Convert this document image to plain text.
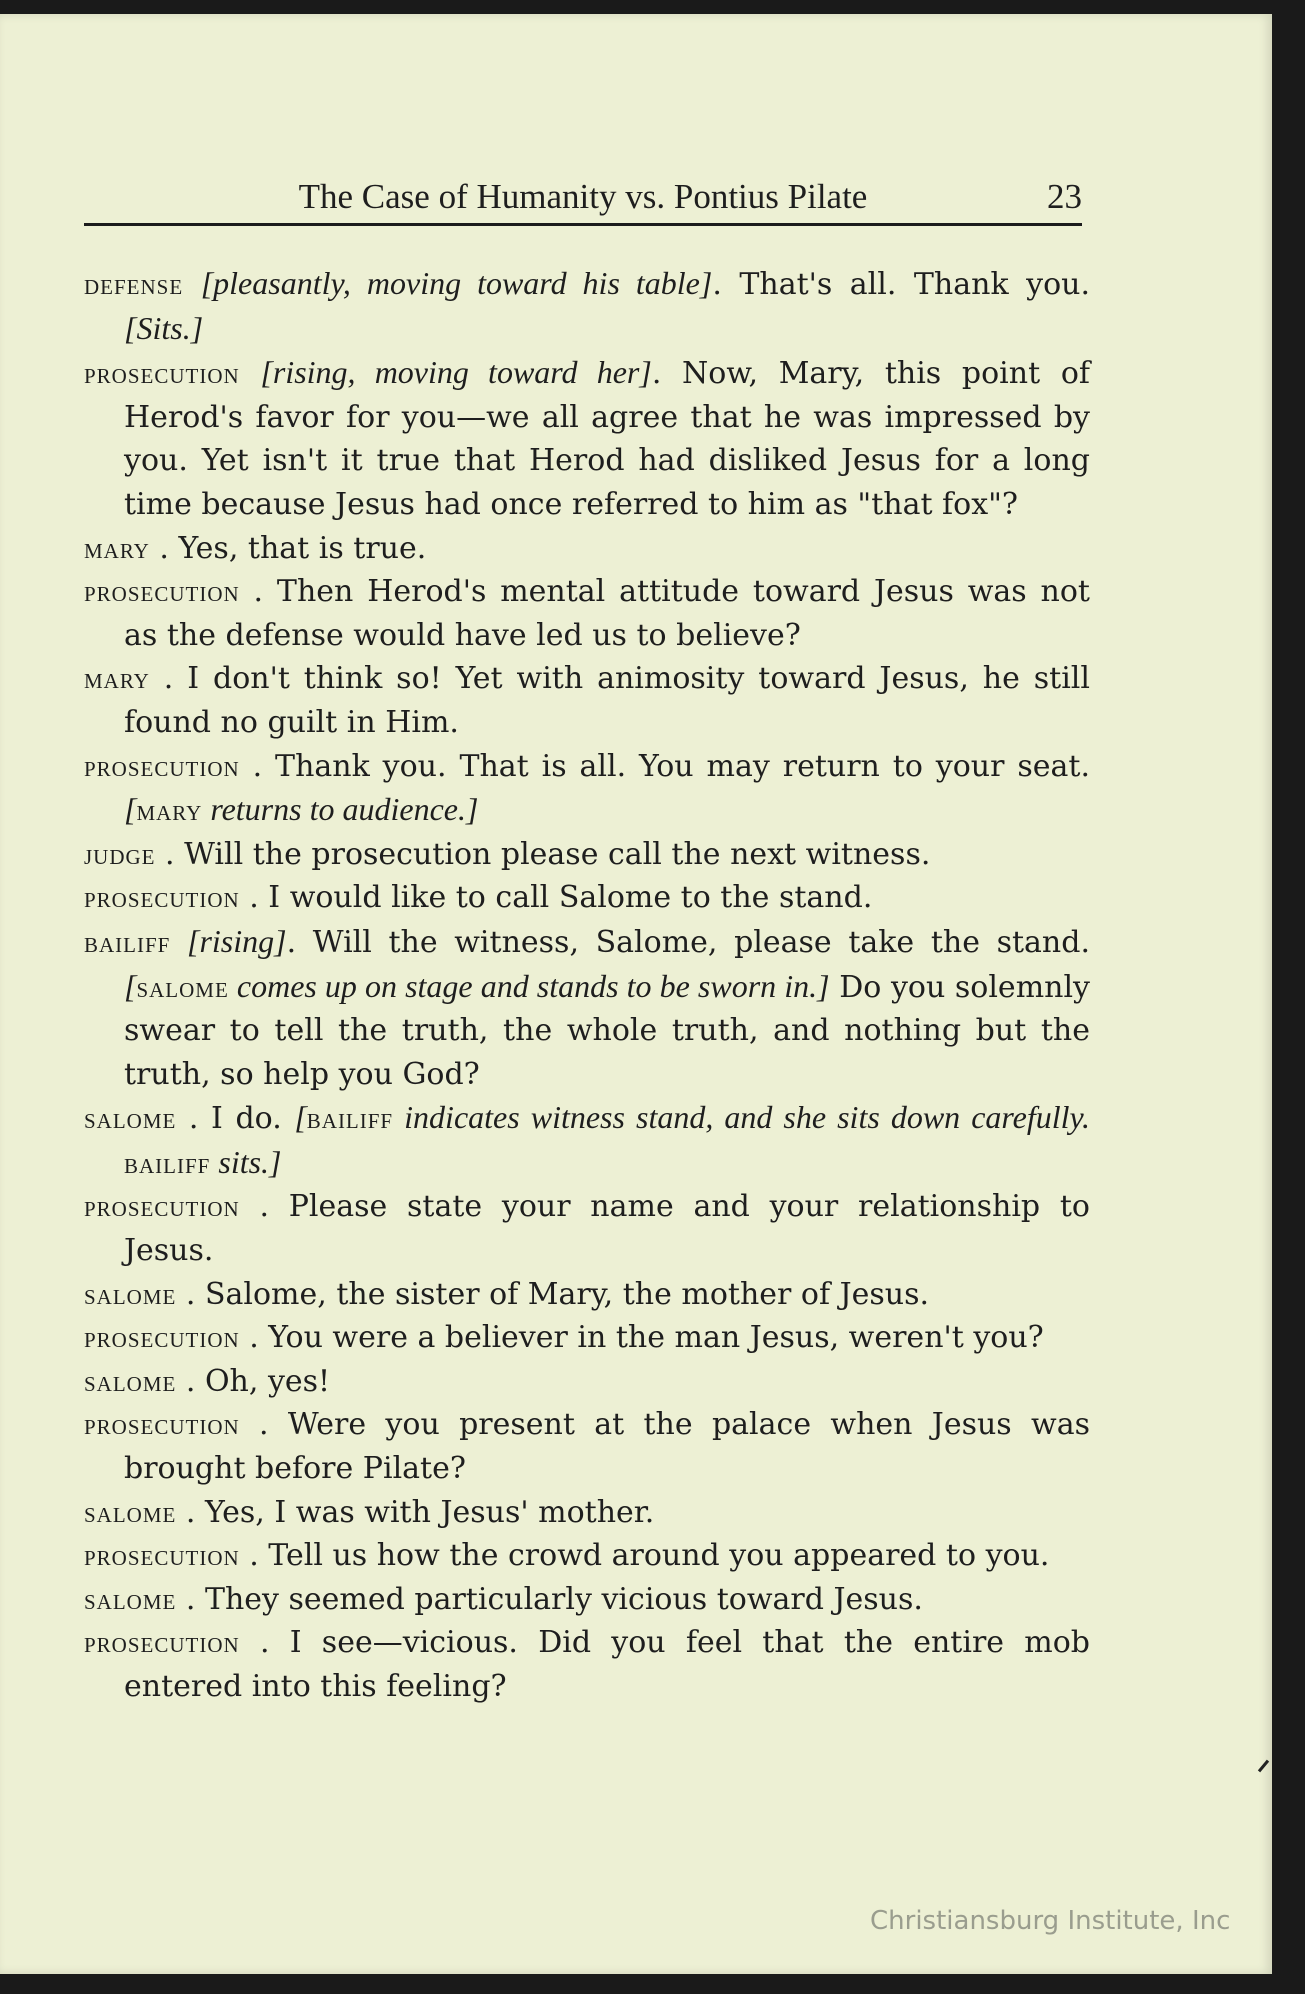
The Case of Humanity vs. Pontius Pilate	23

defense [pleasantly, moving toward his table]. That's all. Thank you. [Sits.]

prosecution [rising, moving toward her]. Now, Mary, this point of Herod's favor for you—we all agree that he was impressed by you. Yet isn't it true that Herod had disliked Jesus for a long time because Jesus had once referred to him as "that fox"?

mary . Yes, that is true.

prosecution . Then Herod's mental attitude toward Jesus was not as the defense would have led us to believe?

mary . I don't think so! Yet with animosity toward Jesus, he still found no guilt in Him.

prosecution . Thank you. That is all. You may return to your seat. [mary returns to audience.]

judge . Will the prosecution please call the next witness.

prosecution . I would like to call Salome to the stand.

bailiff [rising]. Will the witness, Salome, please take the stand. [salome comes up on stage and stands to be sworn in.] Do you solemnly swear to tell the truth, the whole truth, and nothing but the truth, so help you God?

salome . I do. [bailiff indicates witness stand, and she sits down carefully. bailiff sits.]

prosecution . Please state your name and your relationship to Jesus.

salome . Salome, the sister of Mary, the mother of Jesus.

prosecution . You were a believer in the man Jesus, weren't you?

salome . Oh, yes!

prosecution . Were you present at the palace when Jesus was brought before Pilate?

salome . Yes, I was with Jesus' mother.

prosecution . Tell us how the crowd around you appeared to you.

salome . They seemed particularly vicious toward Jesus.

prosecution . I see—vicious. Did you feel that the entire mob entered into this feeling?

Christiansburg Institute, Inc
